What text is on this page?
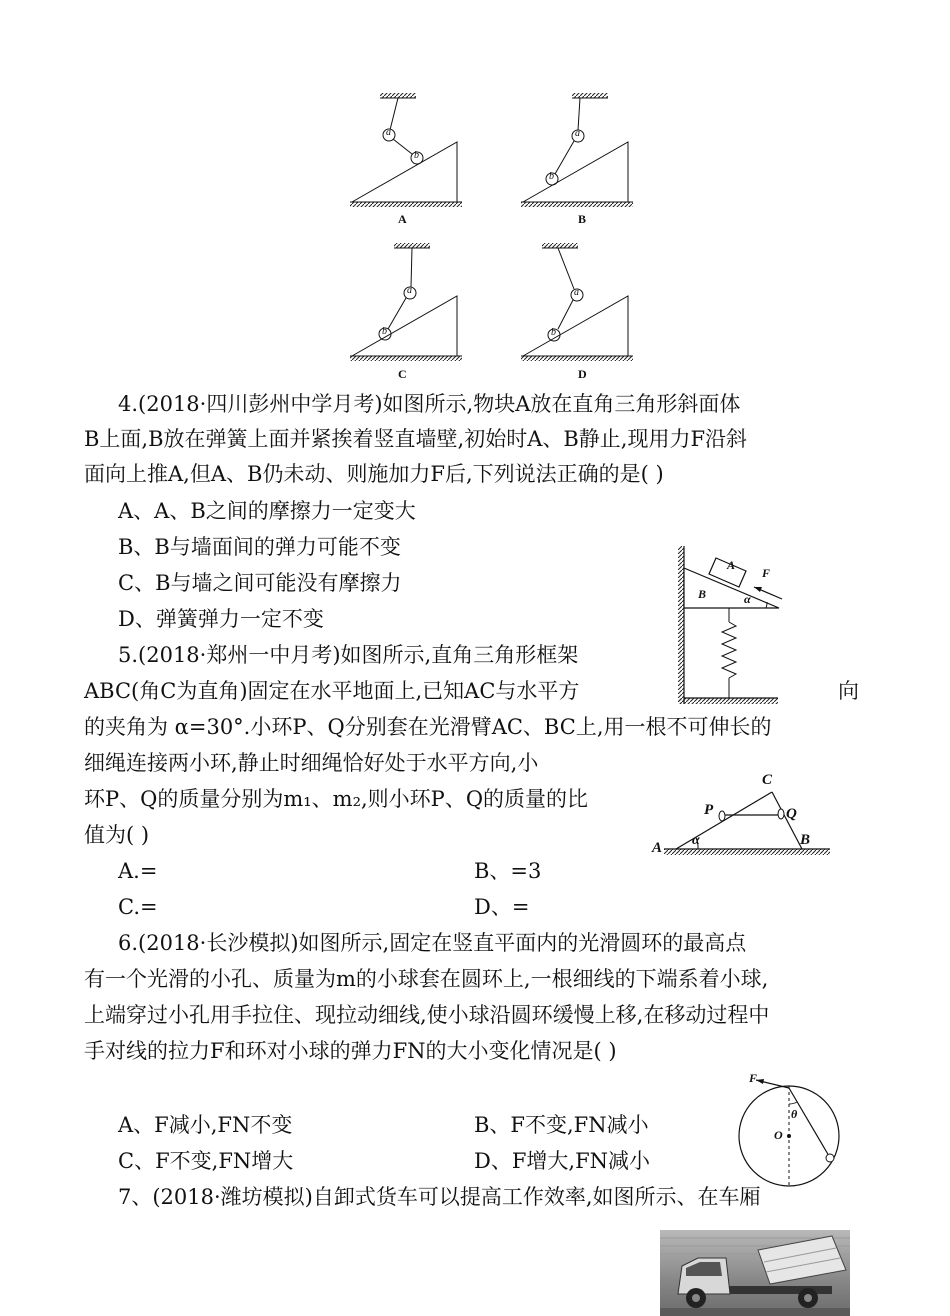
a
b
a
b
a
b
a
b
A	B
C	D
4.(2018·四川彭州中学月考)如图所示,物块A放在直角三角形斜面体
B上面,B放在弹簧上面并紧挨着竖直墙壁,初始时A、B静止,现用力F沿斜
面向上推A,但A、B仍未动、则施加力F后,下列说法正确的是( )
A、A、B之间的摩擦力一定变大
B、B与墙面间的弹力可能不变
C、B与墙之间可能没有摩擦力
D、弹簧弹力一定不变
A
B
F
α
5.(2018·郑州一中月考)如图所示,直角三角形框架
ABC(角C为直角)固定在水平地面上,已知AC与水平方	向
的夹角为 α=30°.小环P、Q分别套在光滑臂AC、BC上,用一根不可伸长的
细绳连接两小环,静止时细绳恰好处于水平方向,小
环P、Q的质量分别为m₁、m₂,则小环P、Q的质量的比
值为( )
A.=	B、=3
C.=	D、=
C
P	Q
A	B
α
6.(2018·长沙模拟)如图所示,固定在竖直平面内的光滑圆环的最高点
有一个光滑的小孔、质量为m的小球套在圆环上,一根细线的下端系着小球,
上端穿过小孔用手拉住、现拉动细线,使小球沿圆环缓慢上移,在移动过程中
手对线的拉力F和环对小球的弹力FN的大小变化情况是( )
A、F减小,FN不变	B、F不变,FN减小
C、F不变,FN增大	D、F增大,FN减小
F
O
θ
7、(2018·潍坊模拟)自卸式货车可以提高工作效率,如图所示、在车厢
